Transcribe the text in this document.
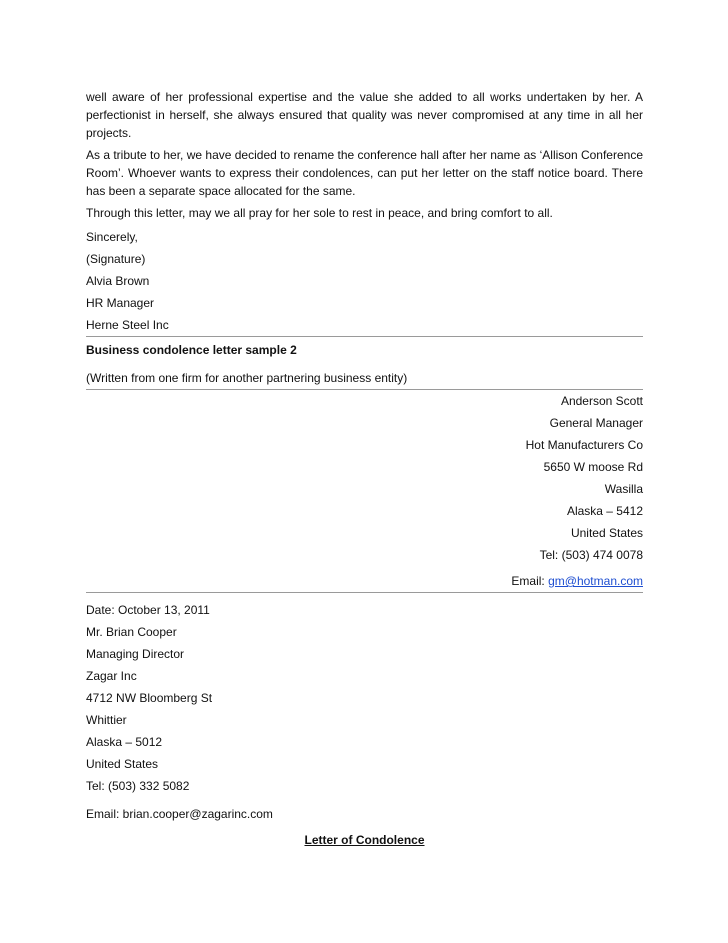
well aware of her professional expertise and the value she added to all works undertaken by her. A perfectionist in herself, she always ensured that quality was never compromised at any time in all her projects.

As a tribute to her, we have decided to rename the conference hall after her name as ‘Allison Conference Room’. Whoever wants to express their condolences, can put her letter on the staff notice board. There has been a separate space allocated for the same.

Through this letter, may we all pray for her sole to rest in peace, and bring comfort to all.

Sincerely,
(Signature)
Alvia Brown
HR Manager
Herne Steel Inc
Business condolence letter sample 2
(Written from one firm for another partnering business entity)
Anderson Scott
General Manager
Hot Manufacturers Co
5650 W moose Rd
Wasilla
Alaska – 5412
United States
Tel: (503) 474 0078
Email: gm@hotman.com
Date: October 13, 2011
Mr. Brian Cooper
Managing Director
Zagar Inc
4712 NW Bloomberg St
Whittier
Alaska – 5012
United States
Tel: (503) 332 5082
Email: brian.cooper@zagarinc.com
Letter of Condolence
